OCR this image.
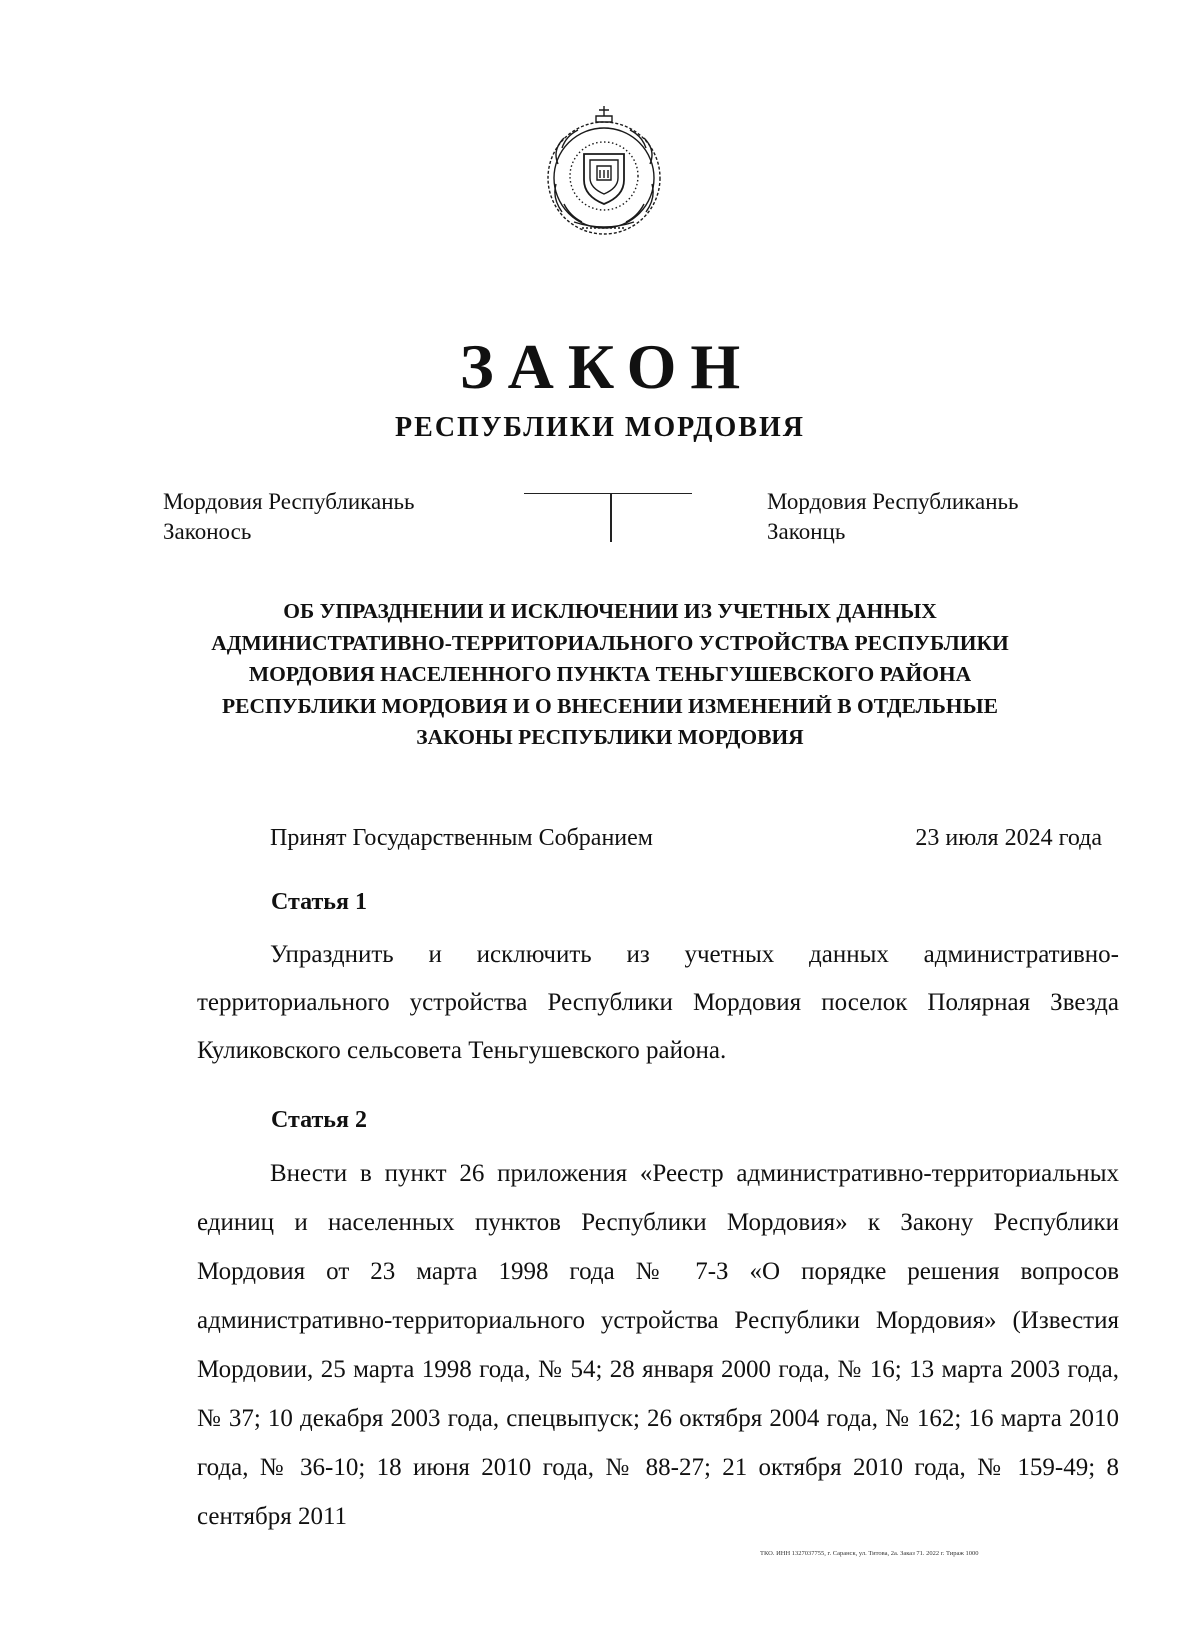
ЗАКОН
РЕСПУБЛИКИ МОРДОВИЯ
Мордовия Республиканьь
Законось
Мордовия Республиканьь
Законць
ОБ УПРАЗДНЕНИИ И ИСКЛЮЧЕНИИ ИЗ УЧЕТНЫХ ДАННЫХ АДМИНИСТРАТИВНО-ТЕРРИТОРИАЛЬНОГО УСТРОЙСТВА РЕСПУБЛИКИ МОРДОВИЯ НАСЕЛЕННОГО ПУНКТА ТЕНЬГУШЕВСКОГО РАЙОНА РЕСПУБЛИКИ МОРДОВИЯ И О ВНЕСЕНИИ ИЗМЕНЕНИЙ В ОТДЕЛЬНЫЕ ЗАКОНЫ РЕСПУБЛИКИ МОРДОВИЯ
Принят Государственным Собранием	23 июля 2024 года
Статья 1

Упразднить и исключить из учетных данных административно-территориального устройства Республики Мордовия поселок Полярная Звезда Куликовского сельсовета Теньгушевского района.

Статья 2

Внести в пункт 26 приложения «Реестр административно-территориальных единиц и населенных пунктов Республики Мордовия» к Закону Республики Мордовия от 23 марта 1998 года № 7-З «О порядке решения вопросов административно-территориального устройства Республики Мордовия» (Известия Мордовии, 25 марта 1998 года, № 54; 28 января 2000 года, № 16; 13 марта 2003 года, № 37; 10 декабря 2003 года, спецвыпуск; 26 октября 2004 года, № 162; 16 марта 2010 года, № 36-10; 18 июня 2010 года, № 88-27; 21 октября 2010 года, № 159-49; 8 сентября 2011

ТКО. ИНН 1327037755, г. Саранск, ул. Титова, 2а. Заказ 71. 2022 г. Тираж 1000
